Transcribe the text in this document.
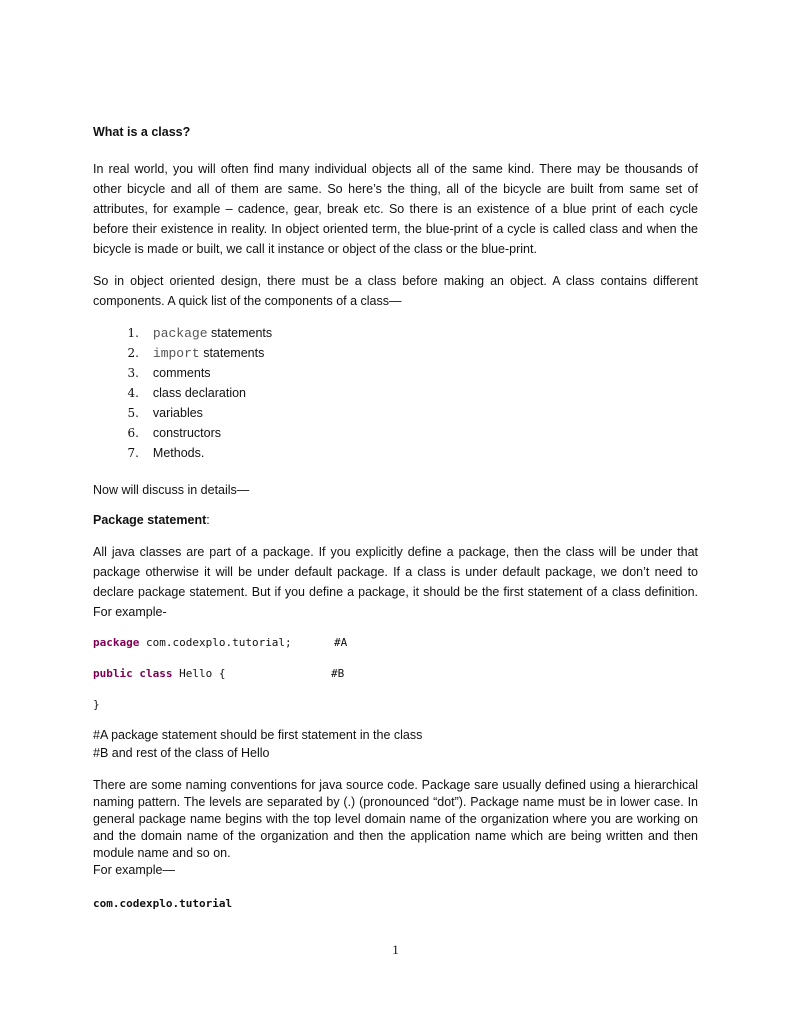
What is a class?
In real world, you will often find many individual objects all of the same kind. There may be thousands of other bicycle and all of them are same. So here’s the thing, all of the bicycle are built from same set of attributes, for example – cadence, gear, break etc. So there is an existence of a blue print of each cycle before their existence in reality. In object oriented term, the blue-print of a cycle is called class and when the bicycle is made or built, we call it instance or object of the class or the blue-print.
So in object oriented design, there must be a class before making an object. A class contains different components. A quick list of the components of a class—
1. package statements
2. import statements
3. comments
4. class declaration
5. variables
6. constructors
7. Methods.
Now will discuss in details—
Package statement:
All java classes are part of a package. If you explicitly define a package, then the class will be under that package otherwise it will be under default package. If a class is under default package, we don’t need to declare package statement. But if you define a package, it should be the first statement of a class definition. For example-
package com.codexplo.tutorial;	#A
public class Hello {	#B
}
#A package statement should be first statement in the class
#B and rest of the class of Hello
There are some naming conventions for java source code. Package sare usually defined using a hierarchical naming pattern. The levels are separated by (.) (pronounced “dot”). Package name must be in lower case. In general package name begins with the top level domain name of the organization where you are working on and the domain name of the organization and then the application name which are being written and then module name and so on.
For example—
com.codexplo.tutorial
1
